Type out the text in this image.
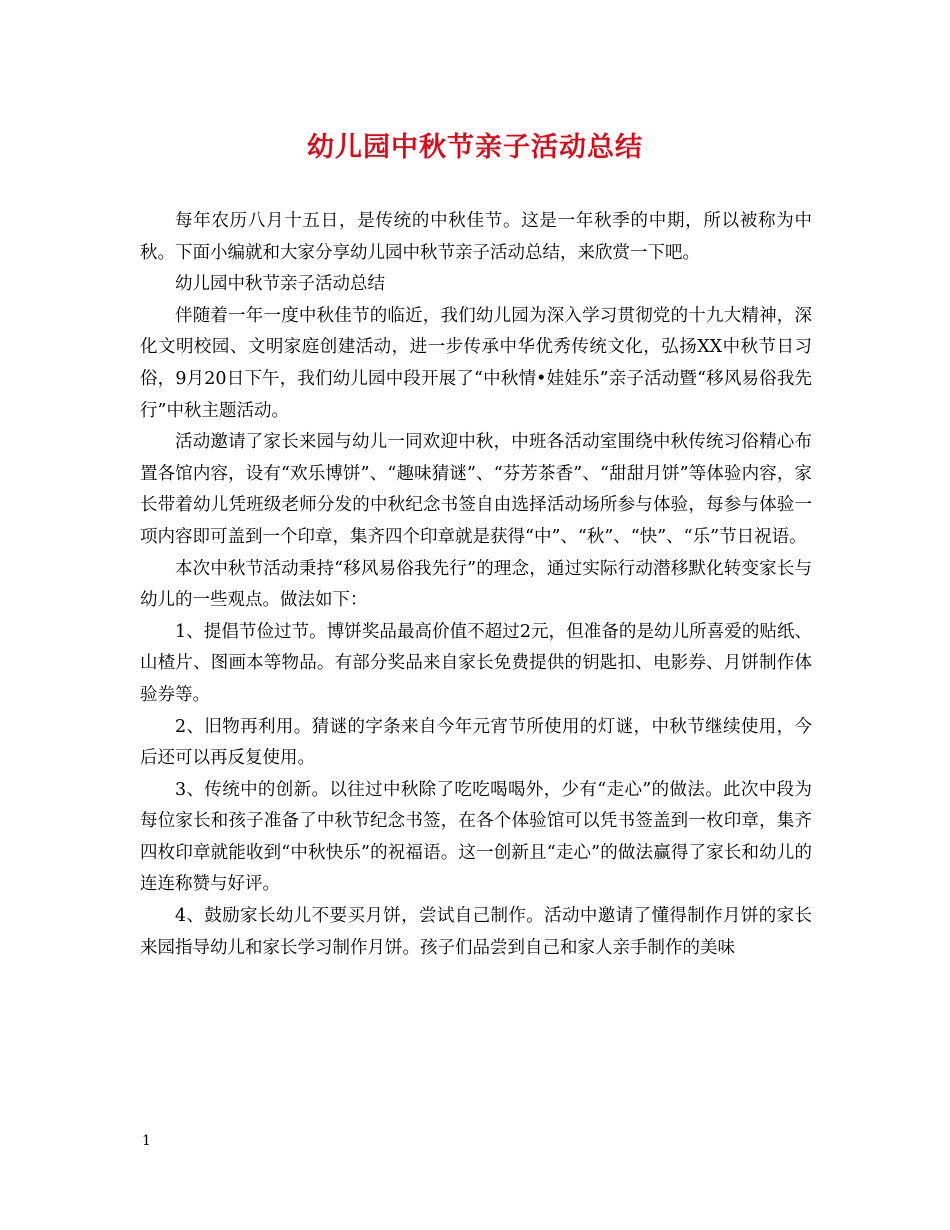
幼儿园中秋节亲子活动总结

每年农历八月十五日，是传统的中秋佳节。这是一年秋季的中期，所以被称为中秋。下面小编就和大家分享幼儿园中秋节亲子活动总结，来欣赏一下吧。

幼儿园中秋节亲子活动总结

伴随着一年一度中秋佳节的临近，我们幼儿园为深入学习贯彻党的十九大精神，深化文明校园、文明家庭创建活动，进一步传承中华优秀传统文化，弘扬XX中秋节日习俗，9月20日下午，我们幼儿园中段开展了“中秋情•娃娃乐”亲子活动暨“移风易俗我先行”中秋主题活动。

活动邀请了家长来园与幼儿一同欢迎中秋，中班各活动室围绕中秋传统习俗精心布置各馆内容，设有“欢乐博饼”、“趣味猜谜”、“芬芳茶香”、“甜甜月饼”等体验内容，家长带着幼儿凭班级老师分发的中秋纪念书签自由选择活动场所参与体验，每参与体验一项内容即可盖到一个印章，集齐四个印章就是获得“中”、“秋”、“快”、“乐”节日祝语。

本次中秋节活动秉持“移风易俗我先行”的理念，通过实际行动潜移默化转变家长与幼儿的一些观点。做法如下：

1、提倡节俭过节。博饼奖品最高价值不超过2元，但准备的是幼儿所喜爱的贴纸、山楂片、图画本等物品。有部分奖品来自家长免费提供的钥匙扣、电影券、月饼制作体验券等。

2、旧物再利用。猜谜的字条来自今年元宵节所使用的灯谜，中秋节继续使用，今后还可以再反复使用。

3、传统中的创新。以往过中秋除了吃吃喝喝外，少有“走心”的做法。此次中段为每位家长和孩子准备了中秋节纪念书签，在各个体验馆可以凭书签盖到一枚印章，集齐四枚印章就能收到“中秋快乐”的祝福语。这一创新且“走心”的做法赢得了家长和幼儿的连连称赞与好评。

4、鼓励家长幼儿不要买月饼，尝试自己制作。活动中邀请了懂得制作月饼的家长来园指导幼儿和家长学习制作月饼。孩子们品尝到自己和家人亲手制作的美味

1
